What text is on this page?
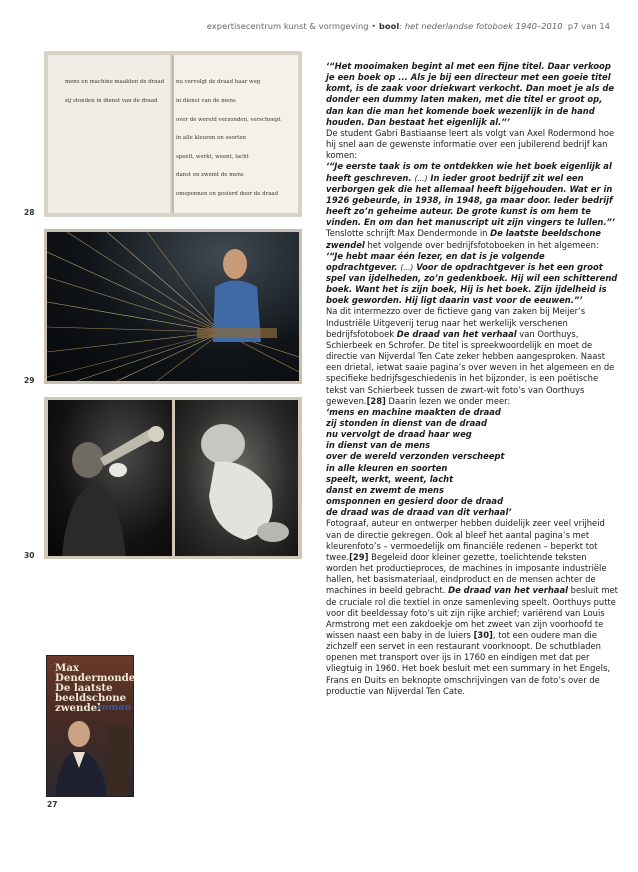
expertisecentrum kunst & vormgeving • bool: het nederlandse fotoboek 1940–2010 p7 van 14
mens en machine maakten de draad
zij stonden in dienst van de draad
nu vervolgt de draad haar weg
in dienst van de mens
over de wereld verzonden, verscheept
in alle kleuren en soorten
speelt, werkt, weent, lacht
danst en zwemt de mens
omsponnen en gesierd door de draad
28
29
30
Max
Dendermonde
De laatste
beeldschone
zwendel
roman
27

‘“Het mooimaken begint al met een fijne titel. Daar verkoop je een boek op ... Als je bij een directeur met een goeie titel komt, is de zaak voor driekwart verkocht. Dan moet je als de donder een dummy laten maken, met die titel er groot op, dan kan die man het komende boek wezenlijk in de hand houden. Dan bestaat het eigenlijk al.”’

De student Gabri Bastiaanse leert als volgt van Axel Rodermond hoe hij snel aan de gewenste informatie over een jubilerend bedrijf kan komen:

‘“Je eerste taak is om te ontdekken wie het boek eigenlijk al heeft geschreven. (...) In ieder groot bedrijf zit wel een verborgen gek die het allemaal heeft bijgehouden. Wat er in 1926 gebeurde, in 1938, in 1948, ga maar door. Ieder bedrijf heeft zo’n geheime auteur. De grote kunst is om hem te vinden. En om dan het manuscript uit zijn vingers te lullen.”’

Tenslotte schrijft Max Dendermonde in De laatste beeldschone zwendel het volgende over bedrijfsfotoboeken in het algemeen:

‘“Je hebt maar één lezer, en dat is je volgende opdrachtgever. (...) Voor de opdrachtgever is het een groot spel van ijdelheden, zo’n gedenkboek. Hij wil een schitterend boek. Want het is zijn boek, Hij is het boek. Zijn ijdelheid is boek geworden. Hij ligt daarin vast voor de eeuwen.”’

Na dit intermezzo over de fictieve gang van zaken bij Meijer’s Industriële Uitgeverij terug naar het werkelijk verschenen bedrijfsfotoboek De draad van het verhaal van Oorthuys, Schierbeek en Schrofer. De titel is spreekwoordelijk en moet de directie van Nijverdal Ten Cate zeker hebben aangesproken. Naast een drietal, ietwat saaie pagina’s over weven in het algemeen en de specifieke bedrijfsgeschiedenis in het bijzonder, is een poëtische tekst van Schierbeek tussen de zwart-wit foto’s van Oorthuys geweven.[28] Daarin lezen we onder meer:

‘mens en machine maakten de draad

zij stonden in dienst van de draad

nu vervolgt de draad haar weg

in dienst van de mens

over de wereld verzonden verscheept

in alle kleuren en soorten

speelt, werkt, weent, lacht

danst en zwemt de mens

omsponnen en gesierd door de draad

de draad was de draad van dit verhaal’

Fotograaf, auteur en ontwerper hebben duidelijk zeer veel vrijheid van de directie gekregen. Ook al bleef het aantal pagina’s met kleurenfoto’s – vermoedelijk om financiële redenen – beperkt tot twee.[29] Begeleid door kleiner gezette, toelichtende teksten worden het productieproces, de machines in imposante industriële hallen, het basismateriaal, eindproduct en de mensen achter de machines in beeld gebracht. De draad van het verhaal besluit met de cruciale rol die textiel in onze samenleving speelt. Oorthuys putte voor dit beeldessay foto’s uit zijn rijke archief; variërend van Louis Armstrong met een zakdoekje om het zweet van zijn voorhoofd te wissen naast een baby in de luiers [30], tot een oudere man die zichzelf een servet in een restaurant voorknoopt. De schutbladen openen met transport over ijs in 1760 en eindigen met dat per vliegtuig in 1960. Het boek besluit met een summary in het Engels, Frans en Duits en beknopte omschrijvingen van de foto’s over de productie van Nijverdal Ten Cate.
